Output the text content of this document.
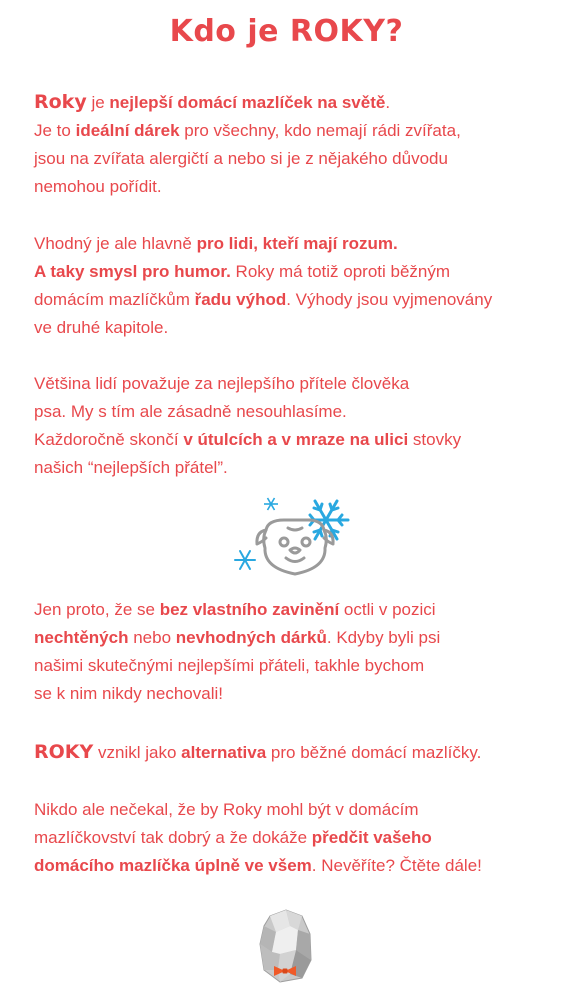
Kdo je ROKY?
Roky je nejlepší domácí mazlíček na světě.
Je to ideální dárek pro všechny, kdo nemají rádi zvířata,
jsou na zvířata alergičtí a nebo si je z nějakého důvodu
nemohou pořídit.
Vhodný je ale hlavně pro lidi, kteří mají rozum.
A taky smysl pro humor. Roky má totiž oproti běžným
domácím mazlíčkům řadu výhod. Výhody jsou vyjmenovány
ve druhé kapitole.
Většina lidí považuje za nejlepšího přítele člověka
psa. My s tím ale zásadně nesouhlasíme.
Každoročně skončí v útulcích a v mraze na ulici stovky
našich “nejlepších přátel”.
Jen proto, že se bez vlastního zavinění octli v pozici
nechtěných nebo nevhodných dárků. Kdyby byli psi
našimi skutečnými nejlepšími přáteli, takhle bychom
se k nim nikdy nechovali!
ROKY vznikl jako alternativa pro běžné domácí mazlíčky.
Nikdo ale nečekal, že by Roky mohl být v domácím
mazlíčkovství tak dobrý a že dokáže předčit vašeho
domácího mazlíčka úplně ve všem. Nevěříte? Čtěte dále!
